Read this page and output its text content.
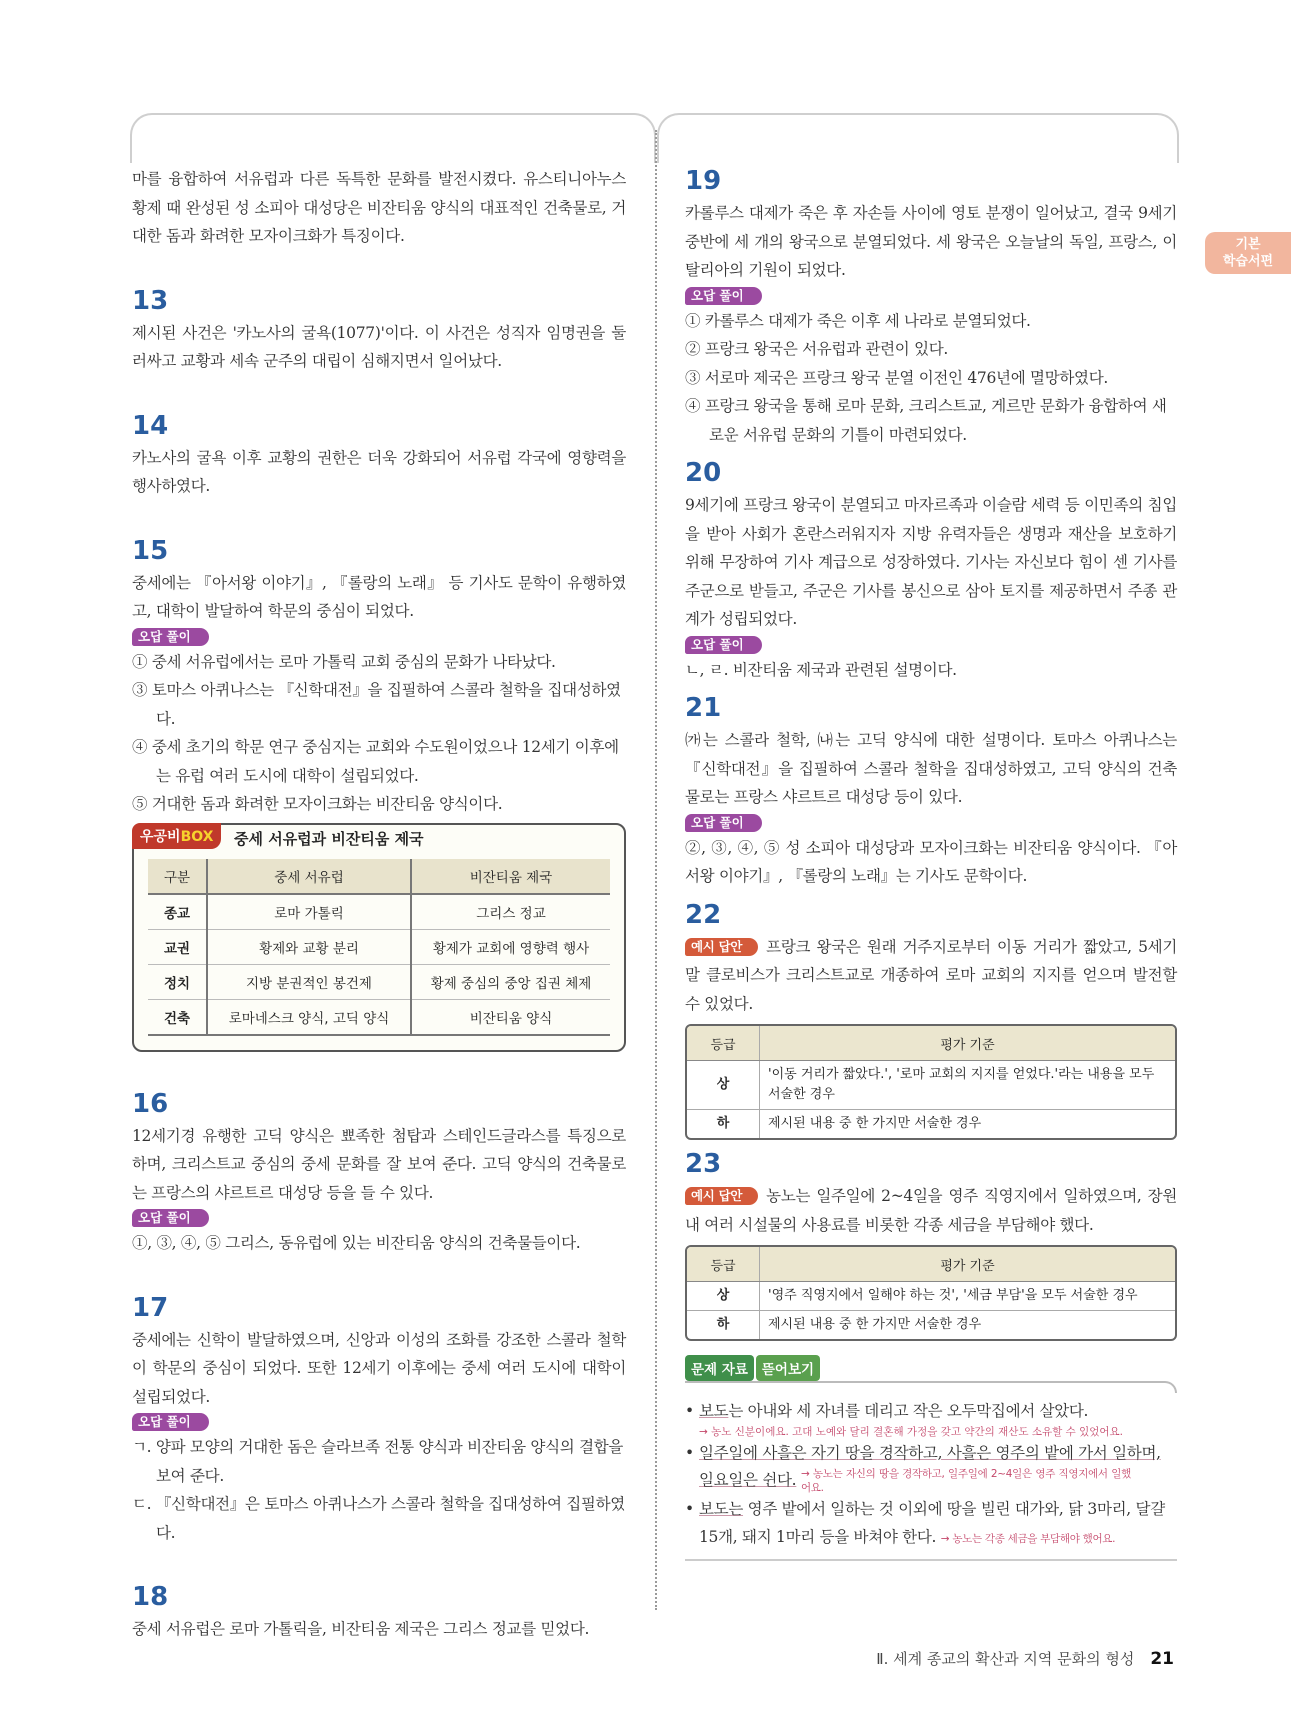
기본
학습서편

마를 융합하여 서유럽과 다른 독특한 문화를 발전시켰다. 유스티니아누스 황제 때 완성된 성 소피아 대성당은 비잔티움 양식의 대표적인 건축물로, 거대한 돔과 화려한 모자이크화가 특징이다.

13

제시된 사건은 '카노사의 굴욕(1077)'이다. 이 사건은 성직자 임명권을 둘러싸고 교황과 세속 군주의 대립이 심해지면서 일어났다.

14

카노사의 굴욕 이후 교황의 권한은 더욱 강화되어 서유럽 각국에 영향력을 행사하였다.

15

중세에는 『아서왕 이야기』, 『롤랑의 노래』 등 기사도 문학이 유행하였고, 대학이 발달하여 학문의 중심이 되었다.

오답 풀이

① 중세 서유럽에서는 로마 가톨릭 교회 중심의 문화가 나타났다.

③ 토마스 아퀴나스는 『신학대전』을 집필하여 스콜라 철학을 집대성하였다.

④ 중세 초기의 학문 연구 중심지는 교회와 수도원이었으나 12세기 이후에는 유럽 여러 도시에 대학이 설립되었다.

⑤ 거대한 돔과 화려한 모자이크화는 비잔티움 양식이다.

우공비BOX	중세 서유럽과 비잔티움 제국
구분	중세 서유럽	비잔티움 제국
종교	로마 가톨릭	그리스 정교
교권	황제와 교황 분리	황제가 교회에 영향력 행사
정치	지방 분권적인 봉건제	황제 중심의 중앙 집권 체제
건축	로마네스크 양식, 고딕 양식	비잔티움 양식
16

12세기경 유행한 고딕 양식은 뾰족한 첨탑과 스테인드글라스를 특징으로 하며, 크리스트교 중심의 중세 문화를 잘 보여 준다. 고딕 양식의 건축물로는 프랑스의 샤르트르 대성당 등을 들 수 있다.

오답 풀이

①, ③, ④, ⑤ 그리스, 동유럽에 있는 비잔티움 양식의 건축물들이다.

17

중세에는 신학이 발달하였으며, 신앙과 이성의 조화를 강조한 스콜라 철학이 학문의 중심이 되었다. 또한 12세기 이후에는 중세 여러 도시에 대학이 설립되었다.

오답 풀이

ㄱ. 양파 모양의 거대한 돔은 슬라브족 전통 양식과 비잔티움 양식의 결합을 보여 준다.

ㄷ. 『신학대전』은 토마스 아퀴나스가 스콜라 철학을 집대성하여 집필하였다.

18

중세 서유럽은 로마 가톨릭을, 비잔티움 제국은 그리스 정교를 믿었다.

19

카롤루스 대제가 죽은 후 자손들 사이에 영토 분쟁이 일어났고, 결국 9세기 중반에 세 개의 왕국으로 분열되었다. 세 왕국은 오늘날의 독일, 프랑스, 이탈리아의 기원이 되었다.

오답 풀이

① 카롤루스 대제가 죽은 이후 세 나라로 분열되었다.

② 프랑크 왕국은 서유럽과 관련이 있다.

③ 서로마 제국은 프랑크 왕국 분열 이전인 476년에 멸망하였다.

④ 프랑크 왕국을 통해 로마 문화, 크리스트교, 게르만 문화가 융합하여 새로운 서유럽 문화의 기틀이 마련되었다.

20

9세기에 프랑크 왕국이 분열되고 마자르족과 이슬람 세력 등 이민족의 침입을 받아 사회가 혼란스러워지자 지방 유력자들은 생명과 재산을 보호하기 위해 무장하여 기사 계급으로 성장하였다. 기사는 자신보다 힘이 센 기사를 주군으로 받들고, 주군은 기사를 봉신으로 삼아 토지를 제공하면서 주종 관계가 성립되었다.

오답 풀이

ㄴ, ㄹ. 비잔티움 제국과 관련된 설명이다.

21

㈎는 스콜라 철학, ㈏는 고딕 양식에 대한 설명이다. 토마스 아퀴나스는 『신학대전』을 집필하여 스콜라 철학을 집대성하였고, 고딕 양식의 건축물로는 프랑스 샤르트르 대성당 등이 있다.

오답 풀이

②, ③, ④, ⑤ 성 소피아 대성당과 모자이크화는 비잔티움 양식이다. 『아서왕 이야기』, 『롤랑의 노래』는 기사도 문학이다.

22

예시 답안 프랑크 왕국은 원래 거주지로부터 이동 거리가 짧았고, 5세기 말 클로비스가 크리스트교로 개종하여 로마 교회의 지지를 얻으며 발전할 수 있었다.

등급	평가 기준
상	'이동 거리가 짧았다.', '로마 교회의 지지를 얻었다.'라는 내용을 모두 서술한 경우
하	제시된 내용 중 한 가지만 서술한 경우
23

예시 답안 농노는 일주일에 2~4일을 영주 직영지에서 일하였으며, 장원 내 여러 시설물의 사용료를 비롯한 각종 세금을 부담해야 했다.

등급	평가 기준
상	'영주 직영지에서 일해야 하는 것', '세금 부담'을 모두 서술한 경우
하	제시된 내용 중 한 가지만 서술한 경우
문제 자료 뜯어보기

• 보도는 아내와 세 자녀를 데리고 작은 오두막집에서 살았다.

→ 농노 신분이에요. 고대 노예와 달리 결혼해 가정을 갖고 약간의 재산도 소유할 수 있었어요.

• 일주일에 사흘은 자기 땅을 경작하고, 사흘은 영주의 밭에 가서 일하며,

일요일은 쉰다. → 농노는 자신의 땅을 경작하고, 일주일에 2~4일은 영주 직영지에서 일했어요.

• 보도는 영주 밭에서 일하는 것 이외에 땅을 빌린 대가와, 닭 3마리, 달걀 15개, 돼지 1마리 등을 바쳐야 한다. → 농노는 각종 세금을 부담해야 했어요.

Ⅱ. 세계 종교의 확산과 지역 문화의 형성 21
